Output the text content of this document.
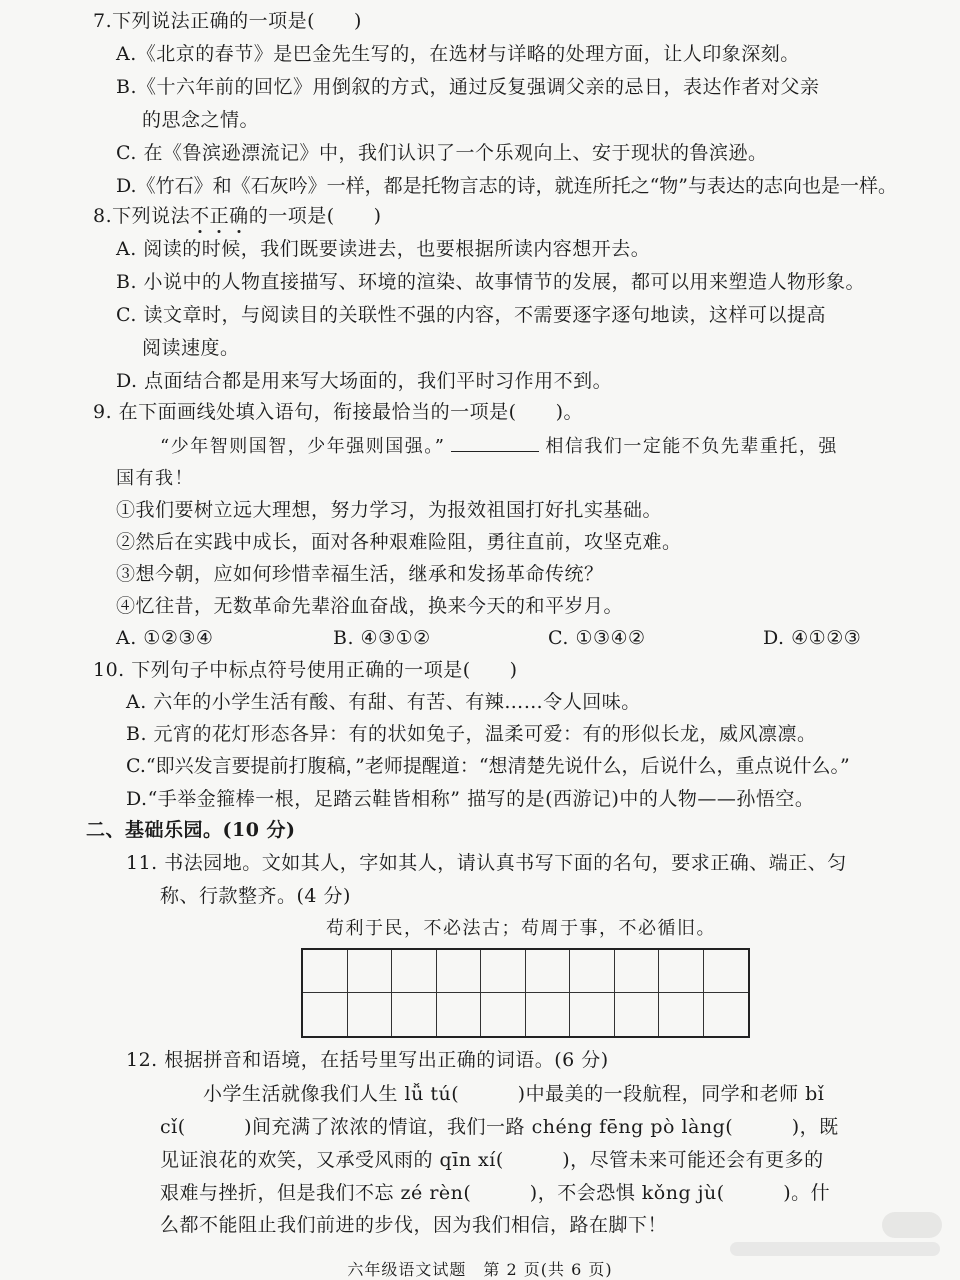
7.下列说法正确的一项是(　　)
A.《北京的春节》是巴金先生写的，在选材与详略的处理方面，让人印象深刻。
B.《十六年前的回忆》用倒叙的方式，通过反复强调父亲的忌日，表达作者对父亲
的思念之情。
C. 在《鲁滨逊漂流记》中，我们认识了一个乐观向上、安于现状的鲁滨逊。
D.《竹石》和《石灰吟》一样，都是托物言志的诗，就连所托之“物”与表达的志向也是一样。
8.下列说法不正确的一项是(　　)
A. 阅读的时候，我们既要读进去，也要根据所读内容想开去。
B. 小说中的人物直接描写、环境的渲染、故事情节的发展，都可以用来塑造人物形象。
C. 读文章时，与阅读目的关联性不强的内容，不需要逐字逐句地读，这样可以提高
阅读速度。
D. 点面结合都是用来写大场面的，我们平时习作用不到。
9. 在下面画线处填入语句，衔接最恰当的一项是(　　)。
“少年智则国智，少年强则国强。”	相信我们一定能不负先辈重托，强
国有我！
①我们要树立远大理想，努力学习，为报效祖国打好扎实基础。
②然后在实践中成长，面对各种艰难险阻，勇往直前，攻坚克难。
③想今朝，应如何珍惜幸福生活，继承和发扬革命传统？
④忆往昔，无数革命先辈浴血奋战，换来今天的和平岁月。
A. ①②③④	B. ④③①②	C. ①③④②	D. ④①②③
10. 下列句子中标点符号使用正确的一项是(　　)
A. 六年的小学生活有酸、有甜、有苦、有辣……令人回味。
B. 元宵的花灯形态各异：有的状如兔子，温柔可爱：有的形似长龙，威风凛凛。
C.“即兴发言要提前打腹稿，”老师提醒道：“想清楚先说什么，后说什么，重点说什么。”
D.“手举金箍棒一根，足踏云鞋皆相称” 描写的是(西游记)中的人物——孙悟空。
二、基础乐园。(10 分)
11. 书法园地。文如其人，字如其人，请认真书写下面的名句，要求正确、端正、匀
称、行款整齐。(4 分)
苟利于民，不必法古；苟周于事，不必循旧。
12. 根据拼音和语境，在括号里写出正确的词语。(6 分)
小学生活就像我们人生 lǚ tú(　　　)中最美的一段航程，同学和老师 bǐ
cǐ(　　　)间充满了浓浓的情谊，我们一路 chéng fēng pò làng(　　　)，既
见证浪花的欢笑，又承受风雨的 qīn xí(　　　)，尽管未来可能还会有更多的
艰难与挫折，但是我们不忘 zé rèn(　　　)，不会恐惧 kǒng jù(　　　)。什
么都不能阻止我们前进的步伐，因为我们相信，路在脚下！
六年级语文试题　第 2 页(共 6 页)
